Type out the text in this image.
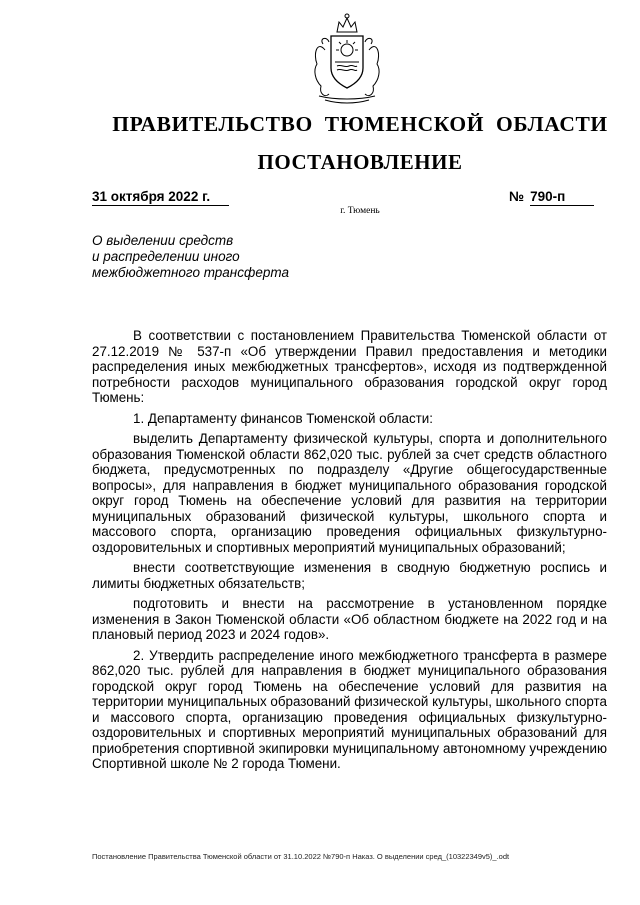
ПРАВИТЕЛЬСТВО ТЮМЕНСКОЙ ОБЛАСТИ
ПОСТАНОВЛЕНИЕ
31 октября 2022 г.	№ 790-п
г. Тюмень
О выделении средств
и распределении иного
межбюджетного трансферта

В соответствии с постановлением Правительства Тюменской области от 27.12.2019 № 537-п «Об утверждении Правил предоставления и методики распределения иных межбюджетных трансфертов», исходя из подтвержденной потребности расходов муниципального образования городской округ город Тюмень:

1. Департаменту финансов Тюменской области:

выделить Департаменту физической культуры, спорта и дополнительного образования Тюменской области 862,020 тыс. рублей за счет средств областного бюджета, предусмотренных по подразделу «Другие общегосударственные вопросы», для направления в бюджет муниципального образования городской округ город Тюмень на обеспечение условий для развития на территории муниципальных образований физической культуры, школьного спорта и массового спорта, организацию проведения официальных физкультурно-оздоровительных и спортивных мероприятий муниципальных образований;

внести соответствующие изменения в сводную бюджетную роспись и лимиты бюджетных обязательств;

подготовить и внести на рассмотрение в установленном порядке изменения в Закон Тюменской области «Об областном бюджете на 2022 год и на плановый период 2023 и 2024 годов».

2. Утвердить распределение иного межбюджетного трансферта в размере 862,020 тыс. рублей для направления в бюджет муниципального образования городской округ город Тюмень на обеспечение условий для развития на территории муниципальных образований физической культуры, школьного спорта и массового спорта, организацию проведения официальных физкультурно-оздоровительных и спортивных мероприятий муниципальных образований для приобретения спортивной экипировки муниципальному автономному учреждению Спортивной школе № 2 города Тюмени.

Постановление Правительства Тюменской области от 31.10.2022 №790-п Наказ. О выделении сред_(10322349v5)_.odt
